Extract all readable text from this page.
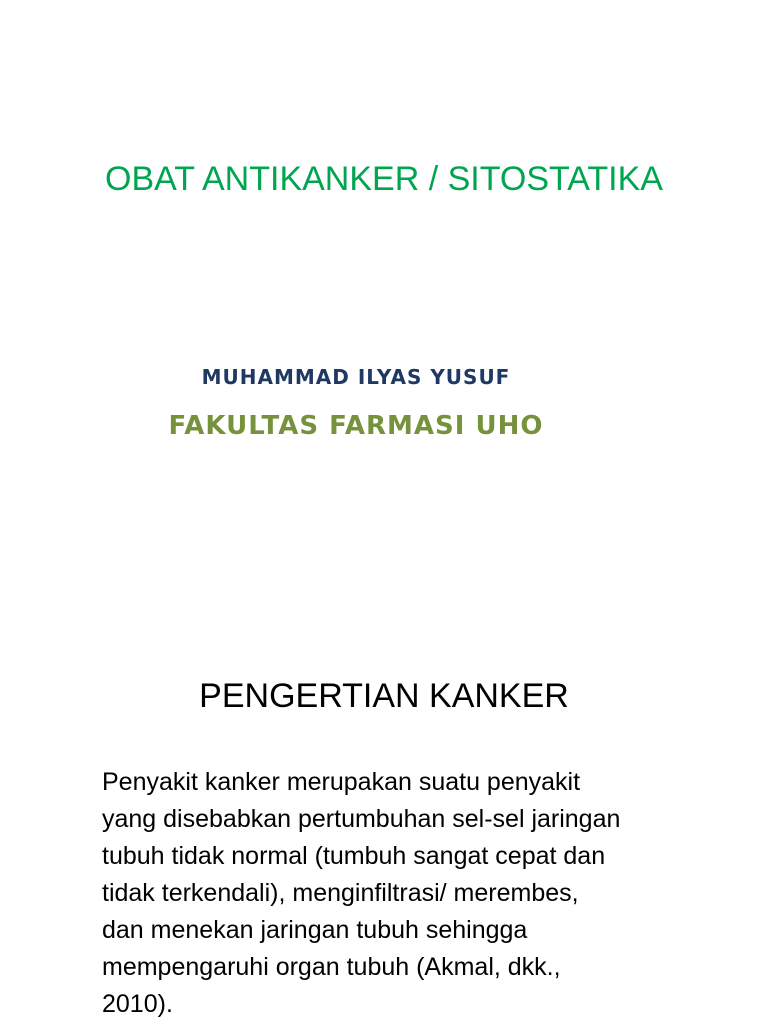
OBAT ANTIKANKER / SITOSTATIKA
MUHAMMAD ILYAS YUSUF
FAKULTAS FARMASI UHO
PENGERTIAN KANKER

Penyakit kanker merupakan suatu penyakit
yang disebabkan pertumbuhan sel-sel jaringan
tubuh tidak normal (tumbuh sangat cepat dan
tidak terkendali), menginfiltrasi/ merembes,
dan menekan jaringan tubuh sehingga
mempengaruhi organ tubuh (Akmal, dkk.,
2010).
